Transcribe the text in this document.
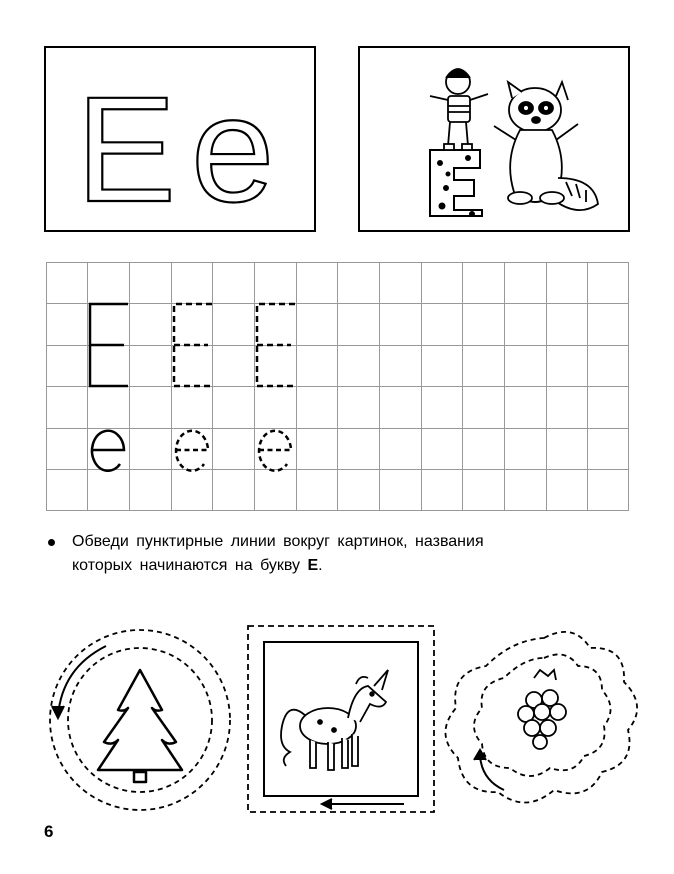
E e
Обведи пунктирные линии вокруг картинок, названия
которых начинаются на букву Е.
6
